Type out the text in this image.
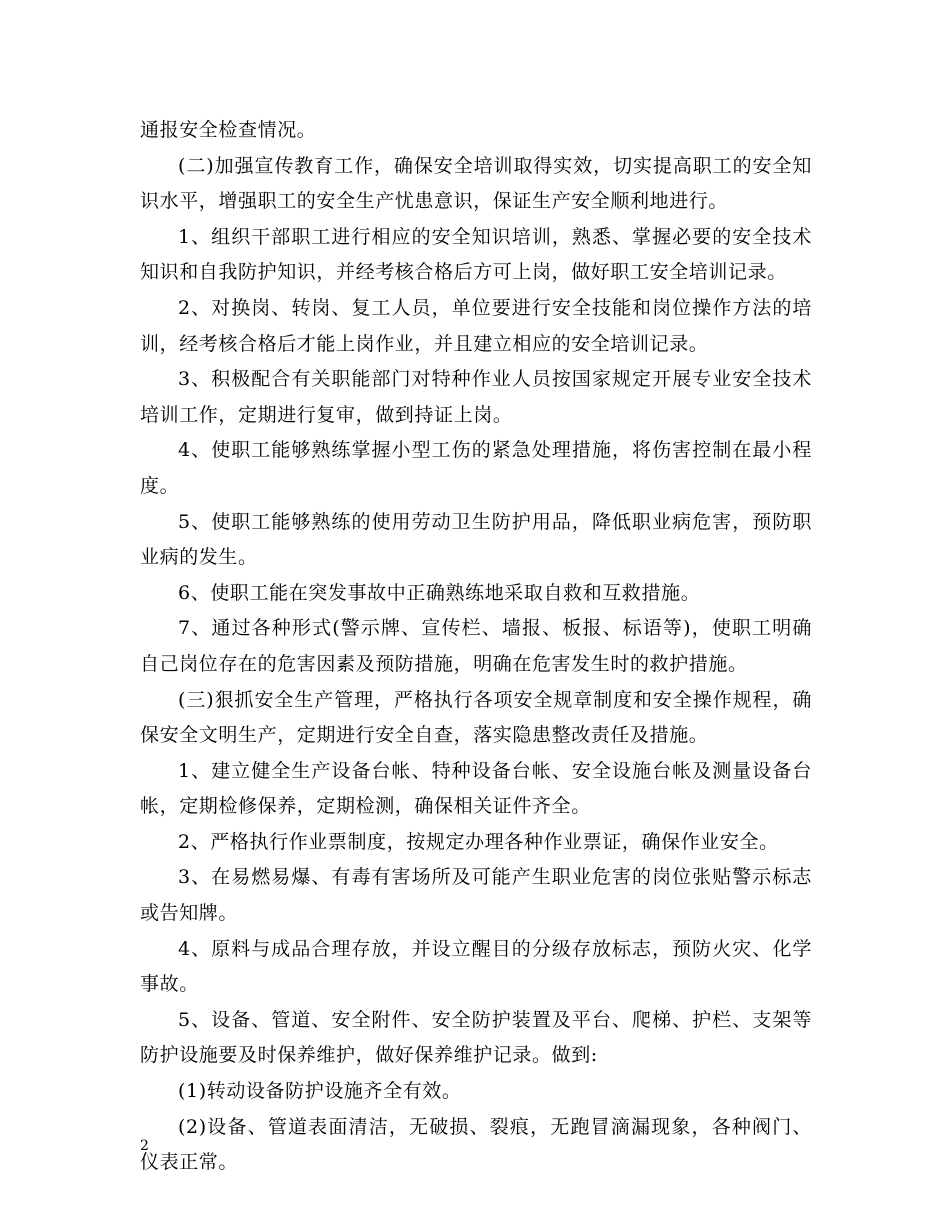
通报安全检查情况。

(二)加强宣传教育工作，确保安全培训取得实效，切实提高职工的安全知识水平，增强职工的安全生产忧患意识，保证生产安全顺利地进行。

1、组织干部职工进行相应的安全知识培训，熟悉、掌握必要的安全技术知识和自我防护知识，并经考核合格后方可上岗，做好职工安全培训记录。

2、对换岗、转岗、复工人员，单位要进行安全技能和岗位操作方法的培训，经考核合格后才能上岗作业，并且建立相应的安全培训记录。

3、积极配合有关职能部门对特种作业人员按国家规定开展专业安全技术培训工作，定期进行复审，做到持证上岗。

4、使职工能够熟练掌握小型工伤的紧急处理措施，将伤害控制在最小程度。

5、使职工能够熟练的使用劳动卫生防护用品，降低职业病危害，预防职业病的发生。

6、使职工能在突发事故中正确熟练地采取自救和互救措施。

7、通过各种形式(警示牌、宣传栏、墙报、板报、标语等)，使职工明确自己岗位存在的危害因素及预防措施，明确在危害发生时的救护措施。

(三)狠抓安全生产管理，严格执行各项安全规章制度和安全操作规程，确保安全文明生产，定期进行安全自查，落实隐患整改责任及措施。

1、建立健全生产设备台帐、特种设备台帐、安全设施台帐及测量设备台帐，定期检修保养，定期检测，确保相关证件齐全。

2、严格执行作业票制度，按规定办理各种作业票证，确保作业安全。

3、在易燃易爆、有毒有害场所及可能产生职业危害的岗位张贴警示标志或告知牌。

4、原料与成品合理存放，并设立醒目的分级存放标志，预防火灾、化学事故。

5、设备、管道、安全附件、安全防护装置及平台、爬梯、护栏、支架等防护设施要及时保养维护，做好保养维护记录。做到:

(1)转动设备防护设施齐全有效。

(2)设备、管道表面清洁，无破损、裂痕，无跑冒滴漏现象，各种阀门、仪表正常。

2
